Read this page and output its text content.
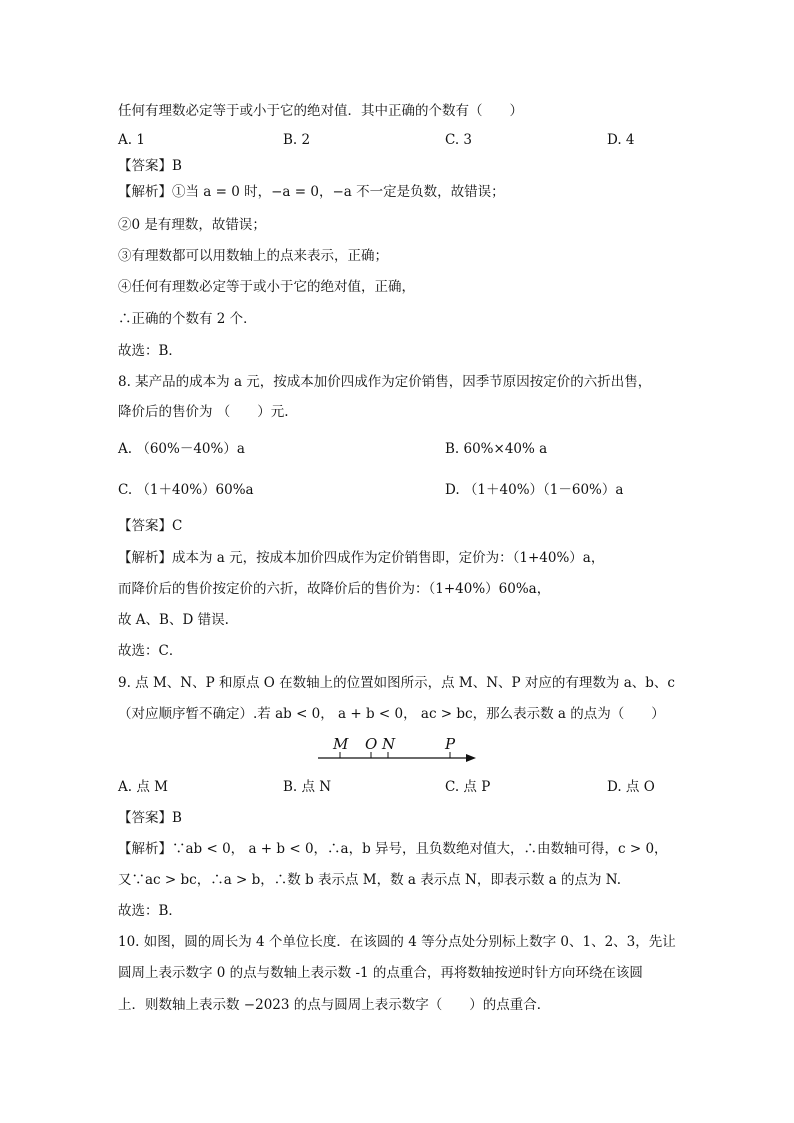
任何有理数必定等于或小于它的绝对值．其中正确的个数有（　　）
A. 1	B. 2	C. 3	D. 4
【答案】B
【解析】①当 a = 0 时，−a = 0，−a 不一定是负数，故错误；
②0 是有理数，故错误；
③有理数都可以用数轴上的点来表示，正确；
④任何有理数必定等于或小于它的绝对值，正确，
∴正确的个数有 2 个．
故选：B．
8. 某产品的成本为 a 元，按成本加价四成作为定价销售，因季节原因按定价的六折出售，
降价后的售价为 （　　）元.
A. （60%－40%）a	B. 60%×40% a
C. （1＋40%）60%a	D. （1＋40%）（1－60%）a
【答案】C
【解析】成本为 a 元，按成本加价四成作为定价销售即，定价为：（1+40%）a，
而降价后的售价按定价的六折，故降价后的售价为：（1+40%）60%a，
故 A、B、D 错误.
故选：C．
9. 点 M、N、P 和原点 O 在数轴上的位置如图所示，点 M、N、P 对应的有理数为 a、b、c
（对应顺序暂不确定）.若 ab < 0， a + b < 0， ac > bc，那么表示数 a 的点为（　　）
M O N	P
A. 点 M	B. 点 N	C. 点 P	D. 点 O
【答案】B
【解析】∵ab < 0， a + b < 0，∴a，b 异号，且负数绝对值大，∴由数轴可得，c > 0，
又∵ac > bc，∴a > b，∴数 b 表示点 M，数 a 表示点 N，即表示数 a 的点为 N.
故选：B．
10. 如图，圆的周长为 4 个单位长度．在该圆的 4 等分点处分别标上数字 0、1、2、3，先让
圆周上表示数字 0 的点与数轴上表示数 -1 的点重合，再将数轴按逆时针方向环绕在该圆
上．则数轴上表示数 −2023 的点与圆周上表示数字（　　）的点重合．
